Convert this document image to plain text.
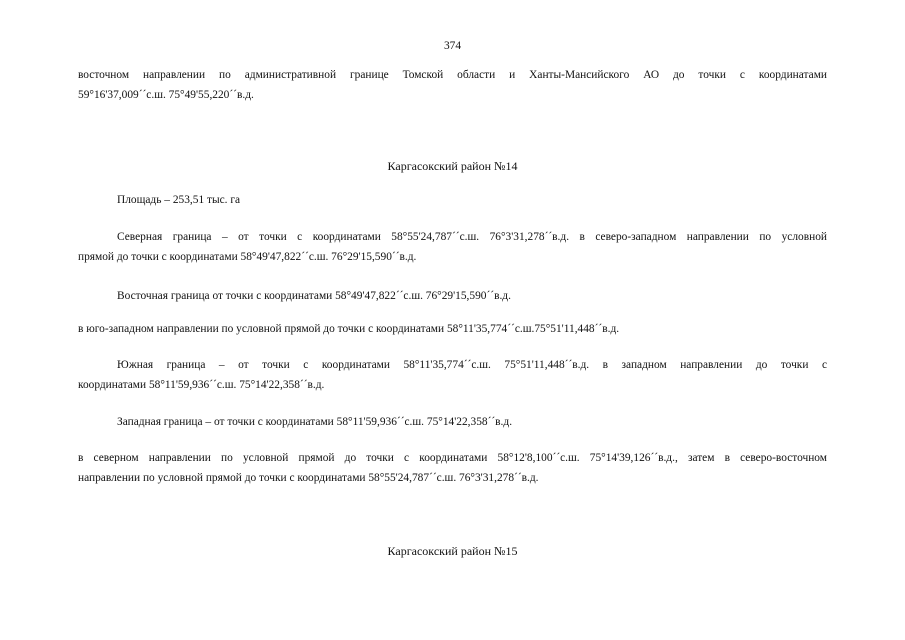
374
восточном направлении по административной границе Томской области и Ханты-Мансийского АО до точки с координатами
59°16'37,009´´с.ш. 75°49'55,220´´в.д.
Каргасокский район №14
Площадь – 253,51 тыс. га
Северная граница – от точки с координатами 58°55'24,787´´с.ш. 76°3'31,278´´в.д. в северо-западном направлении по условной
прямой до точки с координатами 58°49'47,822´´с.ш. 76°29'15,590´´в.д.
Восточная граница от точки с координатами 58°49'47,822´´с.ш. 76°29'15,590´´в.д.
в юго-западном направлении по условной прямой до точки с координатами 58°11'35,774´´с.ш.75°51'11,448´´в.д.
Южная граница – от точки с координатами 58°11'35,774´´с.ш. 75°51'11,448´´в.д. в западном направлении до точки с
координатами 58°11'59,936´´с.ш. 75°14'22,358´´в.д.
Западная граница – от точки с координатами 58°11'59,936´´с.ш. 75°14'22,358´´в.д.
в северном направлении по условной прямой до точки с координатами 58°12'8,100´´с.ш. 75°14'39,126´´в.д., затем в северо-восточном
направлении по условной прямой до точки с координатами 58°55'24,787´´с.ш. 76°3'31,278´´в.д.
Каргасокский район №15
